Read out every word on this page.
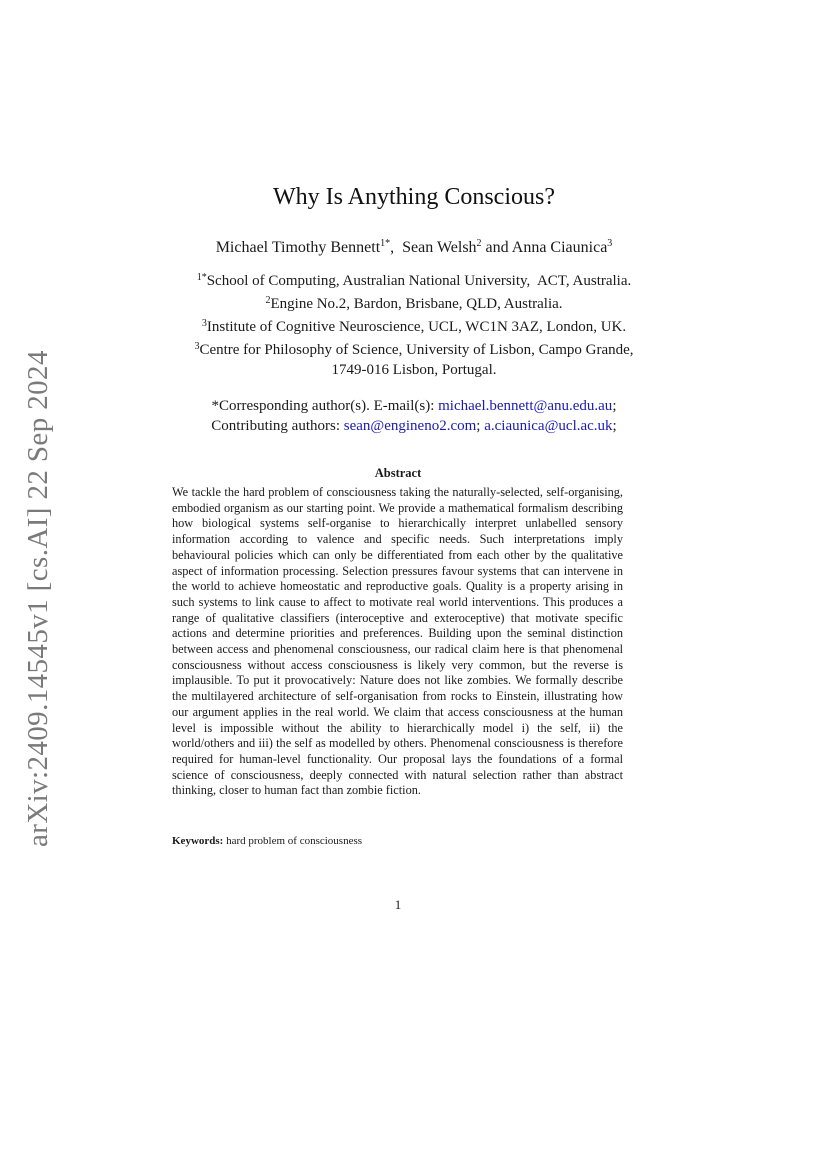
arXiv:2409.14545v1 [cs.AI] 22 Sep 2024
Why Is Anything Conscious?
Michael Timothy Bennett$^{1*}$,  Sean Welsh$^2$ and Anna Ciaunica$^3$
$^{1*}$School of Computing, Australian National University,  ACT, Australia.
$^2$Engine No.2, Bardon, Brisbane, QLD, Australia.
$^3$Institute of Cognitive Neuroscience, UCL, WC1N 3AZ, London, UK.
$^3$Centre for Philosophy of Science, University of Lisbon, Campo Grande,
1749-016 Lisbon, Portugal.
*Corresponding author(s). E-mail(s): michael.bennett@anu.edu.au;
Contributing authors: sean@engineno2.com; a.ciaunica@ucl.ac.uk;
Abstract

We tackle the hard problem of consciousness taking the naturally-selected, self-organising, embodied organism as our starting point. We provide a mathematical formalism describing how biological systems self-organise to hierarchically interpret unlabelled sensory information according to valence and specific needs. Such interpretations imply behavioural policies which can only be differentiated from each other by the qualitative aspect of information processing. Selection pressures favour systems that can intervene in the world to achieve homeostatic and reproductive goals. Quality is a property arising in such systems to link cause to affect to motivate real world interventions. This produces a range of qualitative classifiers (interoceptive and exteroceptive) that motivate specific actions and determine priorities and preferences. Building upon the seminal distinction between access and phenomenal consciousness, our radical claim here is that phenomenal consciousness without access consciousness is likely very common, but the reverse is implausible. To put it provocatively: Nature does not like zombies. We formally describe the multilayered architecture of self-organisation from rocks to Einstein, illustrating how our argument applies in the real world. We claim that access consciousness at the human level is impossible without the ability to hierarchically model i) the self, ii) the world/others and iii) the self as modelled by others. Phenomenal consciousness is therefore required for human-level functionality. Our proposal lays the foundations of a formal science of consciousness, deeply connected with natural selection rather than abstract thinking, closer to human fact than zombie fiction.

Keywords: hard problem of consciousness
1
